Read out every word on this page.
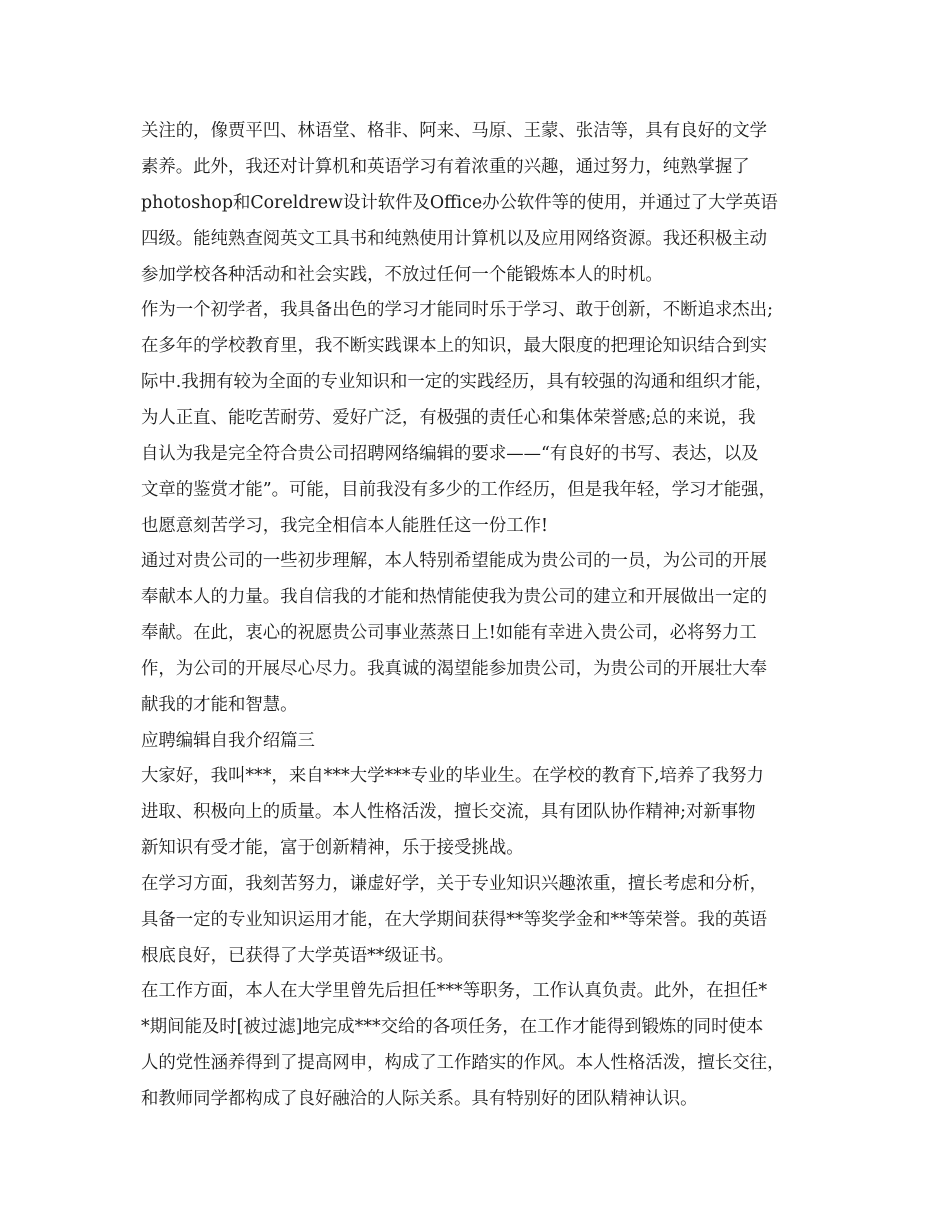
关注的，像贾平凹、林语堂、格非、阿来、马原、王蒙、张洁等，具有良好的文学
素养。此外，我还对计算机和英语学习有着浓重的兴趣，通过努力，纯熟掌握了
photoshop和Coreldrew设计软件及Office办公软件等的使用，并通过了大学英语
四级。能纯熟查阅英文工具书和纯熟使用计算机以及应用网络资源。我还积极主动
参加学校各种活动和社会实践，不放过任何一个能锻炼本人的时机。
作为一个初学者，我具备出色的学习才能同时乐于学习、敢于创新，不断追求杰出;
在多年的学校教育里，我不断实践课本上的知识，最大限度的把理论知识结合到实
际中.我拥有较为全面的专业知识和一定的实践经历，具有较强的沟通和组织才能，
为人正直、能吃苦耐劳、爱好广泛，有极强的责任心和集体荣誉感;总的来说，我
自认为我是完全符合贵公司招聘网络编辑的要求——“有良好的书写、表达，以及
文章的鉴赏才能”。可能，目前我没有多少的工作经历，但是我年轻，学习才能强，
也愿意刻苦学习，我完全相信本人能胜任这一份工作!
通过对贵公司的一些初步理解，本人特别希望能成为贵公司的一员，为公司的开展
奉献本人的力量。我自信我的才能和热情能使我为贵公司的建立和开展做出一定的
奉献。在此，衷心的祝愿贵公司事业蒸蒸日上!如能有幸进入贵公司，必将努力工
作，为公司的开展尽心尽力。我真诚的渴望能参加贵公司，为贵公司的开展壮大奉
献我的才能和智慧。
应聘编辑自我介绍篇三
大家好，我叫***，来自***大学***专业的毕业生。在学校的教育下,培养了我努力
进取、积极向上的质量。本人性格活泼，擅长交流，具有团队协作精神;对新事物
新知识有受才能，富于创新精神，乐于接受挑战。
在学习方面，我刻苦努力，谦虚好学，关于专业知识兴趣浓重，擅长考虑和分析，
具备一定的专业知识运用才能，在大学期间获得**等奖学金和**等荣誉。我的英语
根底良好，已获得了大学英语**级证书。
在工作方面，本人在大学里曾先后担任***等职务，工作认真负责。此外，在担任*
*期间能及时[被过滤]地完成***交给的各项任务，在工作才能得到锻炼的同时使本
人的党性涵养得到了提高网申，构成了工作踏实的作风。本人性格活泼，擅长交往，
和教师同学都构成了良好融洽的人际关系。具有特别好的团队精神认识。
